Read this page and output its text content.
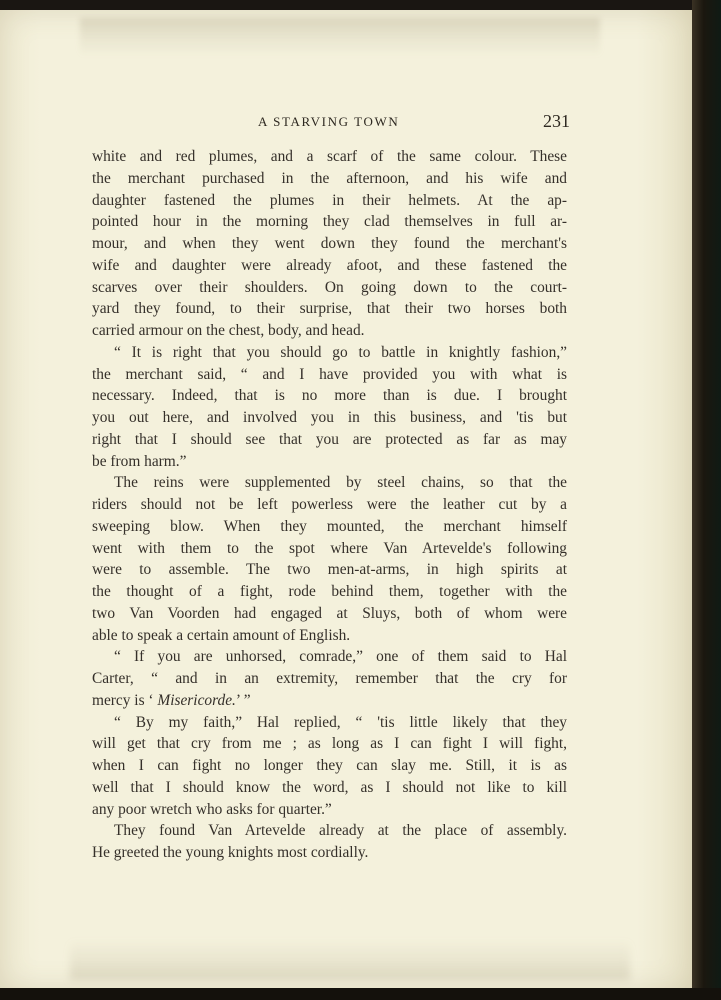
A STARVING TOWN	231
white and red plumes, and a scarf of the same colour. These
the merchant purchased in the afternoon, and his wife and
daughter fastened the plumes in their helmets. At the ap-
pointed hour in the morning they clad themselves in full ar-
mour, and when they went down they found the merchant's
wife and daughter were already afoot, and these fastened the
scarves over their shoulders. On going down to the court-
yard they found, to their surprise, that their two horses both
carried armour on the chest, body, and head.
“ It is right that you should go to battle in knightly fashion,”
the merchant said, “ and I have provided you with what is
necessary. Indeed, that is no more than is due. I brought
you out here, and involved you in this business, and 'tis but
right that I should see that you are protected as far as may
be from harm.”
The reins were supplemented by steel chains, so that the
riders should not be left powerless were the leather cut by a
sweeping blow. When they mounted, the merchant himself
went with them to the spot where Van Artevelde's following
were to assemble. The two men-at-arms, in high spirits at
the thought of a fight, rode behind them, together with the
two Van Voorden had engaged at Sluys, both of whom were
able to speak a certain amount of English.
“ If you are unhorsed, comrade,” one of them said to Hal
Carter, “ and in an extremity, remember that the cry for
mercy is ‘ Misericorde.’ ”
“ By my faith,” Hal replied, “ 'tis little likely that they
will get that cry from me ; as long as I can fight I will fight,
when I can fight no longer they can slay me. Still, it is as
well that I should know the word, as I should not like to kill
any poor wretch who asks for quarter.”
They found Van Artevelde already at the place of assembly.
He greeted the young knights most cordially.
